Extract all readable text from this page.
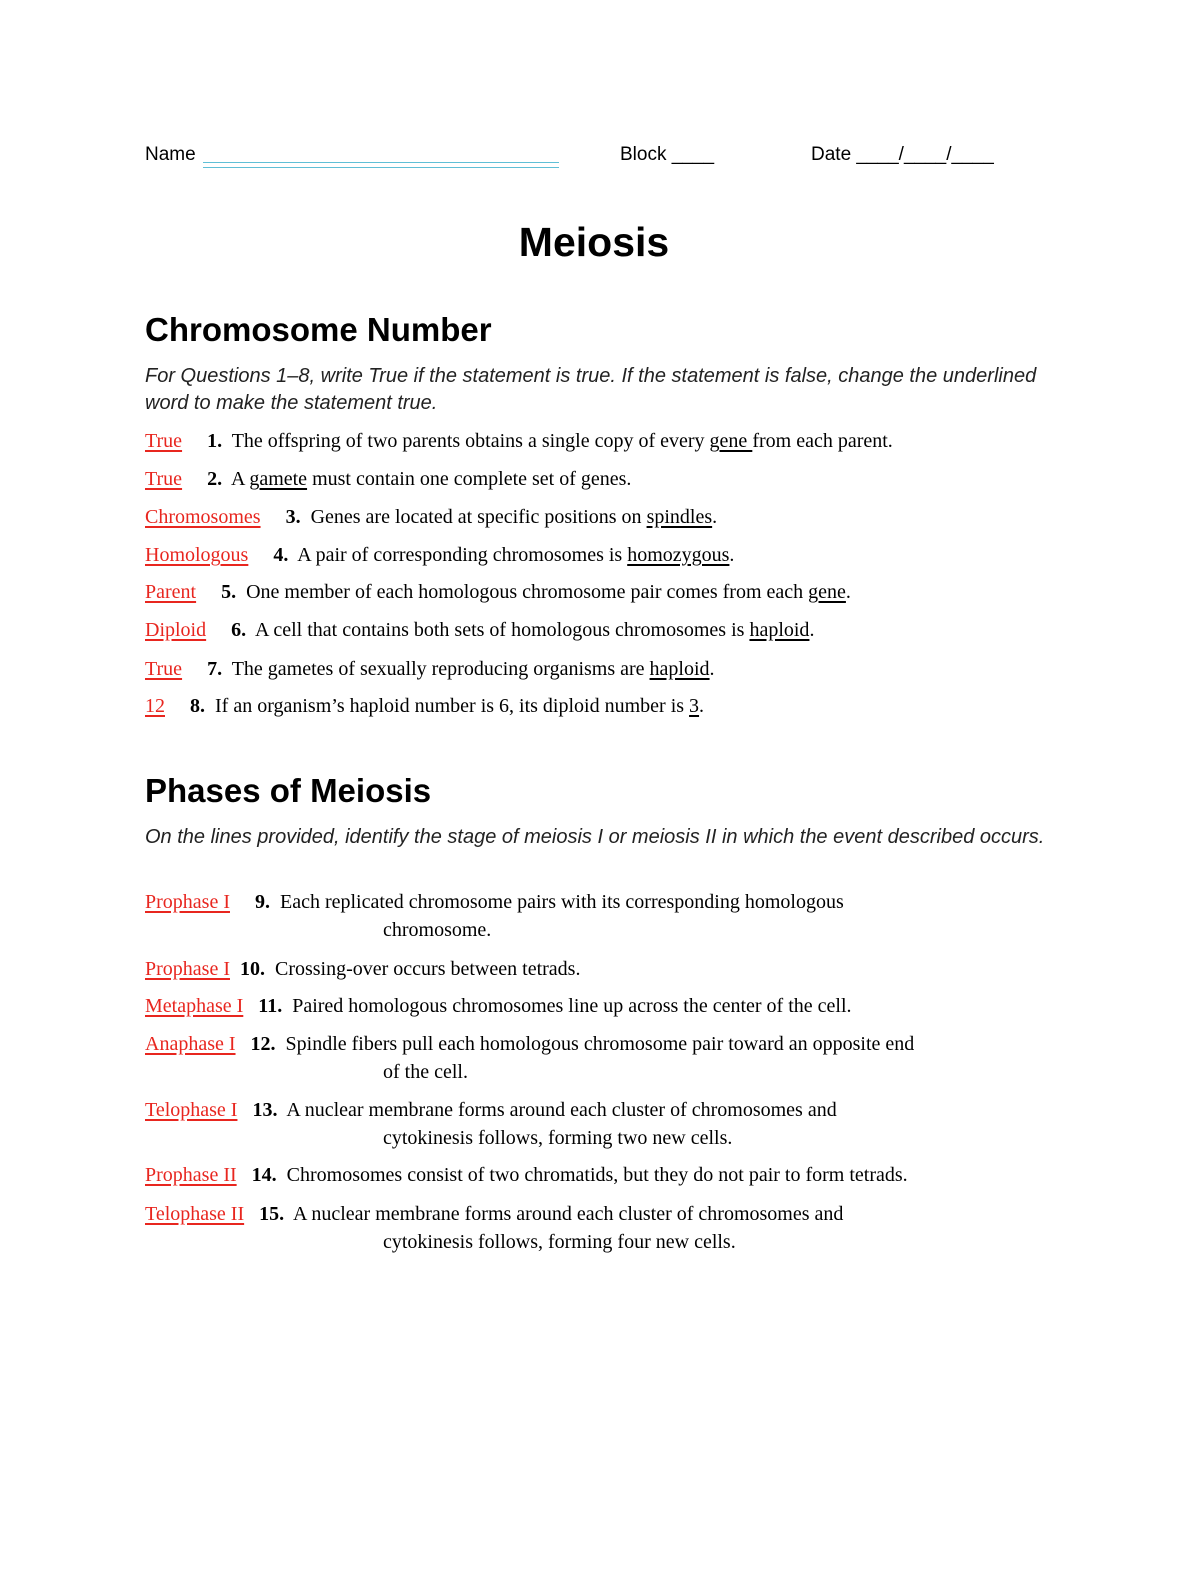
Name	Block ____	Date ____/____/____
Meiosis
Chromosome Number

For Questions 1–8, write True if the statement is true. If the statement is false, change the underlined word to make the statement true.

True 1. The offspring of two parents obtains a single copy of every gene from each parent.
True 2. A gamete must contain one complete set of genes.
Chromosomes 3. Genes are located at specific positions on spindles.
Homologous 4. A pair of corresponding chromosomes is homozygous.
Parent 5. One member of each homologous chromosome pair comes from each gene.
Diploid 6. A cell that contains both sets of homologous chromosomes is haploid.
True 7. The gametes of sexually reproducing organisms are haploid.
12 8. If an organism’s haploid number is 6, its diploid number is 3.
Phases of Meiosis

On the lines provided, identify the stage of meiosis I or meiosis II in which the event described occurs.

Prophase I 9. Each replicated chromosome pairs with its corresponding homologous
chromosome.
Prophase I 10. Crossing-over occurs between tetrads.
Metaphase I 11. Paired homologous chromosomes line up across the center of the cell.
Anaphase I 12. Spindle fibers pull each homologous chromosome pair toward an opposite end
of the cell.
Telophase I 13. A nuclear membrane forms around each cluster of chromosomes and
cytokinesis follows, forming two new cells.
Prophase II 14. Chromosomes consist of two chromatids, but they do not pair to form tetrads.
Telophase II 15. A nuclear membrane forms around each cluster of chromosomes and
cytokinesis follows, forming four new cells.
